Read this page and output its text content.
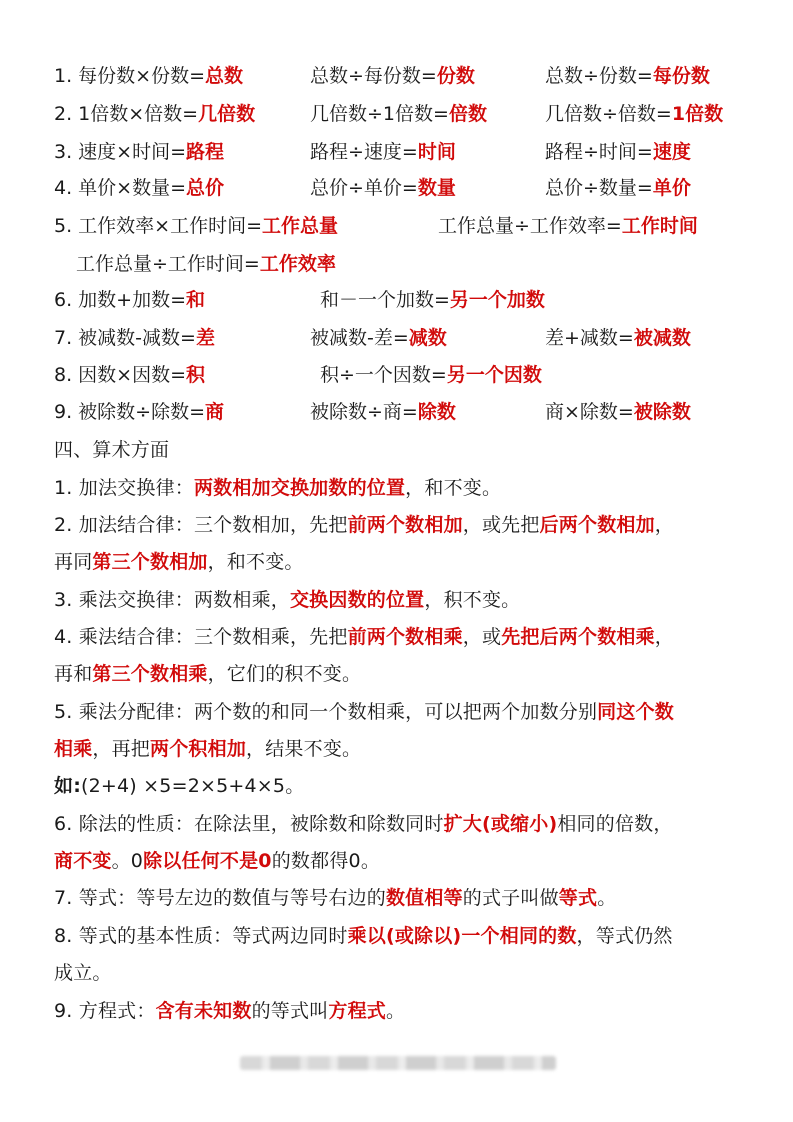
1. 每份数×份数=总数	总数÷每份数=份数	总数÷份数=每份数
2. 1倍数×倍数=几倍数	几倍数÷1倍数=倍数	几倍数÷倍数=1倍数
3. 速度×时间=路程	路程÷速度=时间	路程÷时间=速度
4. 单价×数量=总价	总价÷单价=数量	总价÷数量=单价
5. 工作效率×工作时间=工作总量	工作总量÷工作效率=工作时间
工作总量÷工作时间=工作效率
6. 加数+加数=和	和－一个加数=另一个加数
7. 被减数-减数=差	被减数-差=减数	差+减数=被减数
8. 因数×因数=积	积÷一个因数=另一个因数
9. 被除数÷除数=商	被除数÷商=除数	商×除数=被除数
四、算术方面
1. 加法交换律：两数相加交换加数的位置，和不变。
2. 加法结合律：三个数相加，先把前两个数相加，或先把后两个数相加，
再同第三个数相加，和不变。
3. 乘法交换律：两数相乘，交换因数的位置，积不变。
4. 乘法结合律：三个数相乘，先把前两个数相乘，或先把后两个数相乘，
再和第三个数相乘，它们的积不变。
5. 乘法分配律：两个数的和同一个数相乘，可以把两个加数分别同这个数
相乘，再把两个积相加，结果不变。
如:(2+4) ×5=2×5+4×5。
6. 除法的性质：在除法里，被除数和除数同时扩大(或缩小)相同的倍数，
商不变。0除以任何不是0的数都得0。
7. 等式：等号左边的数值与等号右边的数值相等的式子叫做等式。
8. 等式的基本性质：等式两边同时乘以(或除以)一个相同的数，等式仍然
成立。
9. 方程式：含有未知数的等式叫方程式。
